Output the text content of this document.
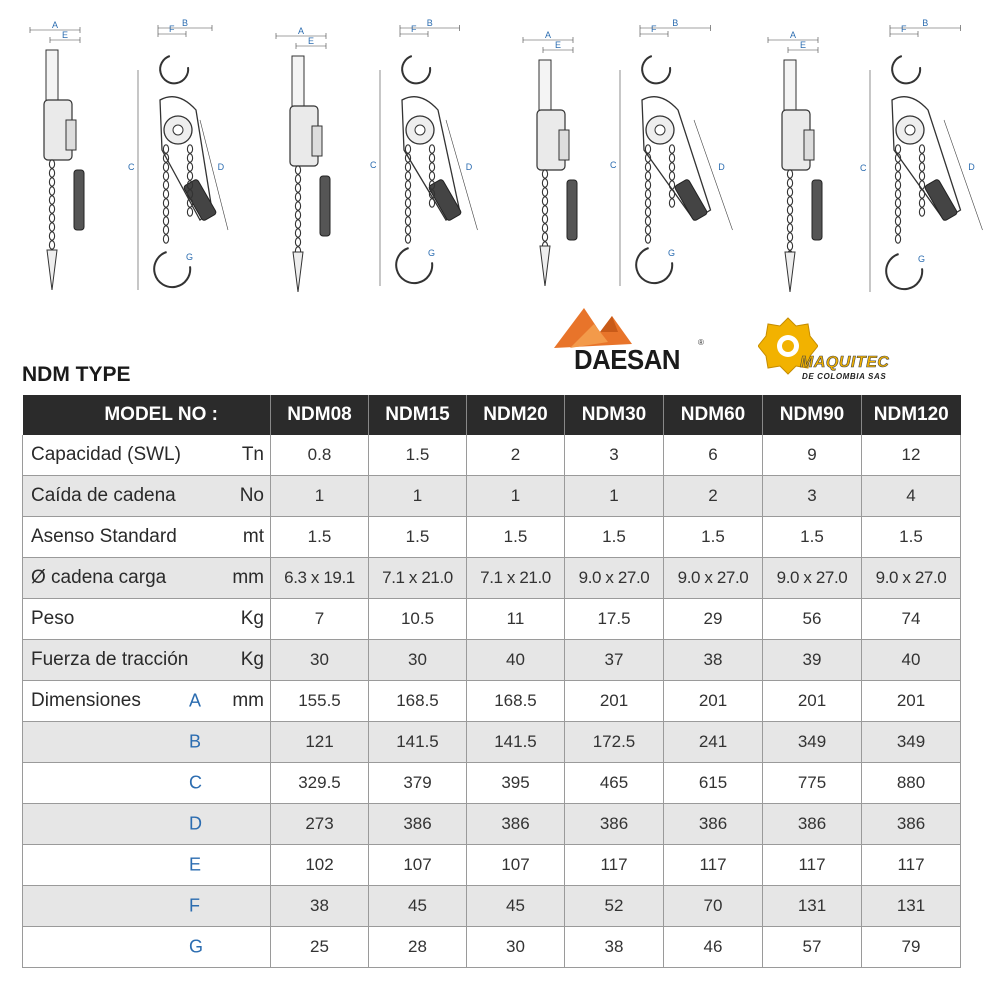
A
E
F
B
C	D
G
A
E
F
B
C	D
G
A
E
F
B
C	D
G
A
E
F
B
C	D
G
DAESAN
®
MAQUITEC
DE COLOMBIA SAS
NDM TYPE
MODEL NO :	NDM08	NDM15	NDM20	NDM30	NDM60	NDM90	NDM120

Capacidad (SWL) Tn	0.8	1.5	2	3	6	9	12

Caída de cadena No	1	1	1	1	2	3	4

Asenso Standard mt	1.5	1.5	1.5	1.5	1.5	1.5	1.5

Ø cadena carga mm	6.3 x 19.1	7.1 x 21.0	7.1 x 21.0	9.0 x 27.0	9.0 x 27.0	9.0 x 27.0	9.0 x 27.0

Peso Kg	7	10.5	11	17.5	29	56	74

Fuerza de tracción Kg	30	30	40	37	38	39	40

Dimensiones A mm	155.5	168.5	168.5	201	201	201	201

B	121	141.5	141.5	172.5	241	349	349

C	329.5	379	395	465	615	775	880

D	273	386	386	386	386	386	386

E	102	107	107	117	117	117	117

F	38	45	45	52	70	131	131

G	25	28	30	38	46	57	79
